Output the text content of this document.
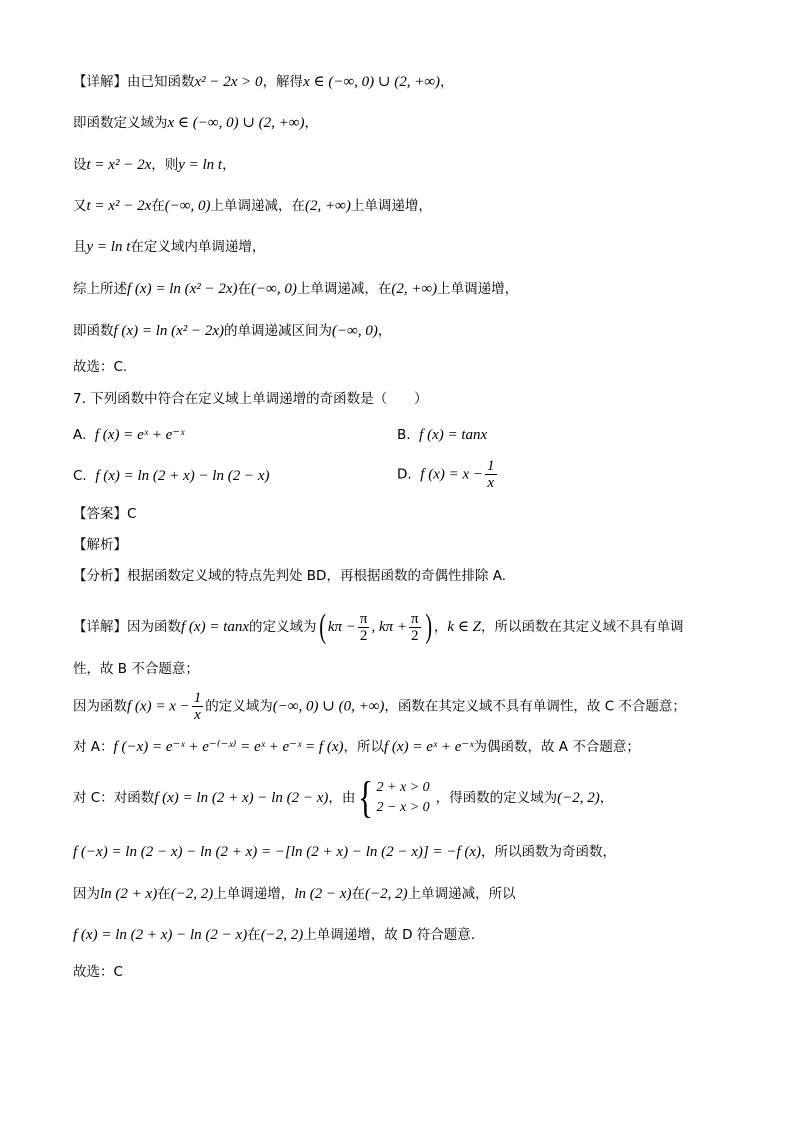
【详解】由已知函数x² − 2x > 0，解得x ∈ (−∞, 0) ∪ (2, +∞)，
即函数定义域为x ∈ (−∞, 0) ∪ (2, +∞)，
设t = x² − 2x，则y = ln t，
又t = x² − 2x在(−∞, 0)上单调递减，在(2, +∞)上单调递增，
且y = ln t在定义域内单调递增，
综上所述f (x) = ln (x² − 2x)在(−∞, 0)上单调递减，在(2, +∞)上单调递增，
即函数f (x) = ln (x² − 2x)的单调递减区间为(−∞, 0)，
故选：C.
7. 下列函数中符合在定义域上单调递增的奇函数是（　　）
A. f (x) = eˣ + e⁻ˣ	B. f (x) = tanx
C. f (x) = ln (2 + x) − ln (2 − x)	D. f $(x) = x - \frac{1}{x}$
【答案】C
【解析】
【分析】根据函数定义域的特点先判处 BD，再根据函数的奇偶性排除 A.
【详解】因为函数f (x) = tanx的定义域为( $k\pi - \frac{\pi}{2}$ , $k\pi + \frac{\pi}{2}$ ) ，k ∈ Z，所以函数在其定义域不具有单调
性，故 B 不合题意；
因为函数f $(x) = x - \frac{1}{x}$ 的定义域为(−∞, 0) ∪ (0, +∞)，函数在其定义域不具有单调性，故 C 不合题意；
对 A：f (−x) = e⁻ˣ + e⁻⁽⁻ˣ⁾ = eˣ + e⁻ˣ = f (x)，所以f (x) = eˣ + e⁻ˣ为偶函数，故 A 不合题意；
对 C：对函数f (x) = ln (2 + x) − ln (2 − x)，由{ 2 + x > 0
2 − x > 0
，得函数的定义域为(−2, 2)，
f (−x) = ln (2 − x) − ln (2 + x) = −[ln (2 + x) − ln (2 − x)] = −f (x)，所以函数为奇函数，
因为ln (2 + x)在(−2, 2)上单调递增，ln (2 − x)在(−2, 2)上单调递减，所以
f (x) = ln (2 + x) − ln (2 − x)在(−2, 2)上单调递增，故 D 符合题意.
故选：C
